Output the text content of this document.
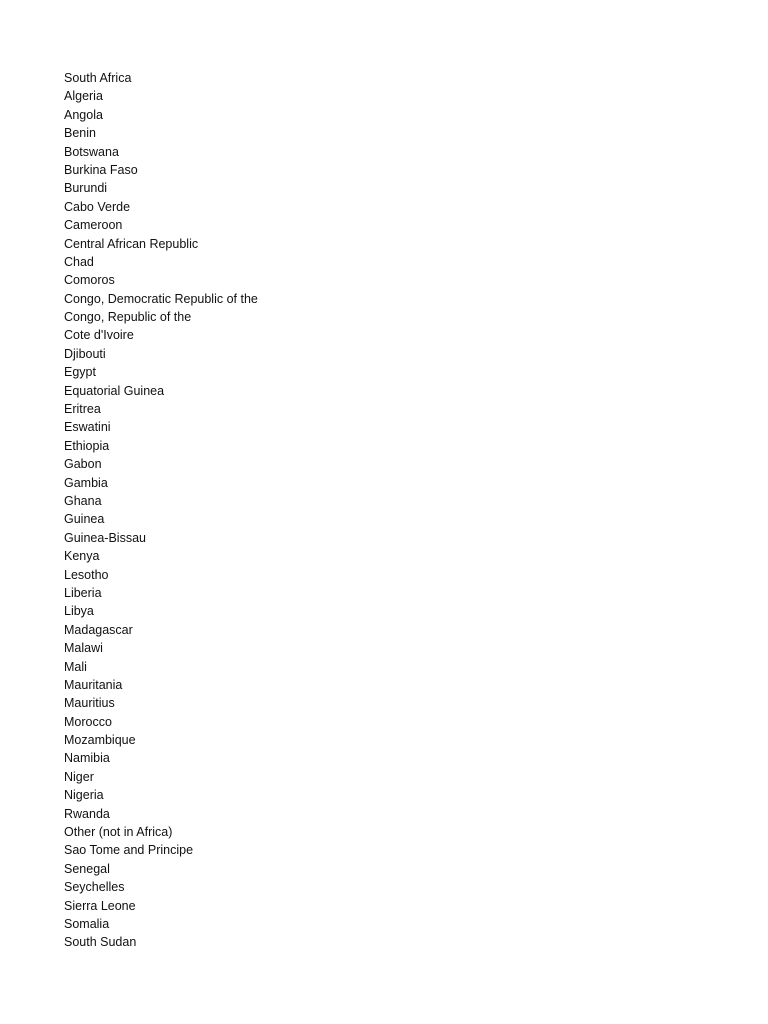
South Africa
Algeria
Angola
Benin
Botswana
Burkina Faso
Burundi
Cabo Verde
Cameroon
Central African Republic
Chad
Comoros
Congo, Democratic Republic of the
Congo, Republic of the
Cote d'Ivoire
Djibouti
Egypt
Equatorial Guinea
Eritrea
Eswatini
Ethiopia
Gabon
Gambia
Ghana
Guinea
Guinea-Bissau
Kenya
Lesotho
Liberia
Libya
Madagascar
Malawi
Mali
Mauritania
Mauritius
Morocco
Mozambique
Namibia
Niger
Nigeria
Rwanda
Other (not in Africa)
Sao Tome and Principe
Senegal
Seychelles
Sierra Leone
Somalia
South Sudan
